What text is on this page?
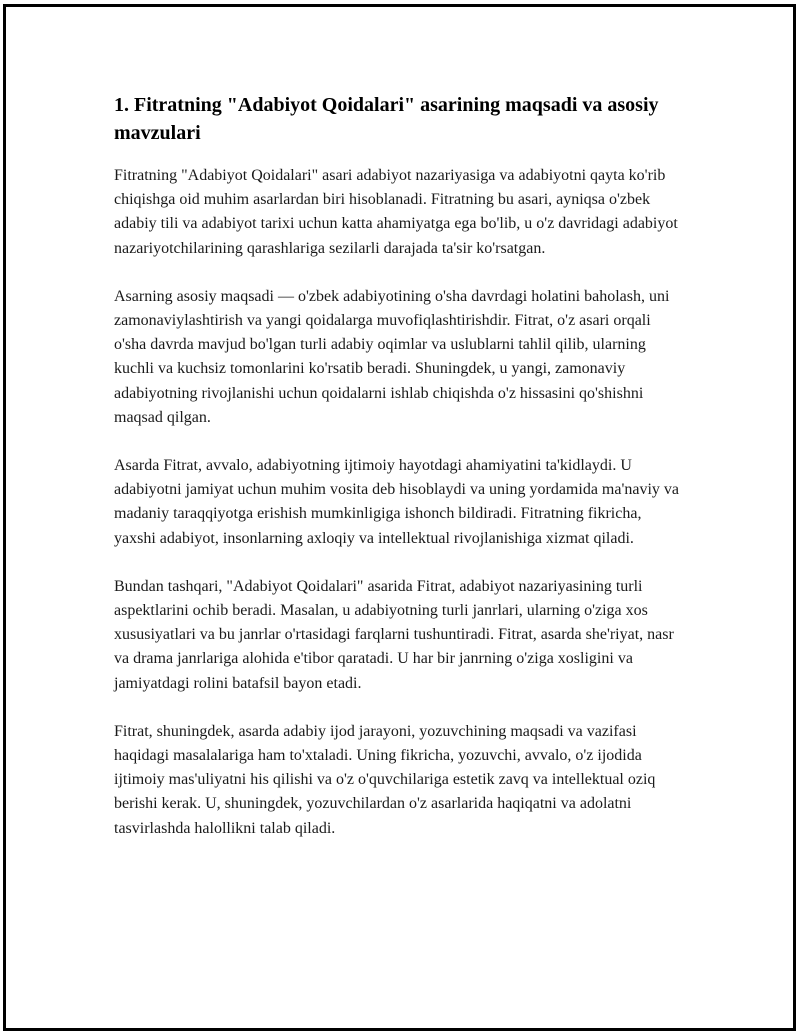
1. Fitratning "Adabiyot Qoidalari" asarining maqsadi va asosiy mavzulari

Fitratning "Adabiyot Qoidalari" asari adabiyot nazariyasiga va adabiyotni qayta ko'rib chiqishga oid muhim asarlardan biri hisoblanadi. Fitratning bu asari, ayniqsa o'zbek adabiy tili va adabiyot tarixi uchun katta ahamiyatga ega bo'lib, u o'z davridagi adabiyot nazariyotchilarining qarashlariga sezilarli darajada ta'sir ko'rsatgan.

Asarning asosiy maqsadi — o'zbek adabiyotining o'sha davrdagi holatini baholash, uni zamonaviylashtirish va yangi qoidalarga muvofiqlashtirishdir. Fitrat, o'z asari orqali o'sha davrda mavjud bo'lgan turli adabiy oqimlar va uslublarni tahlil qilib, ularning kuchli va kuchsiz tomonlarini ko'rsatib beradi. Shuningdek, u yangi, zamonaviy adabiyotning rivojlanishi uchun qoidalarni ishlab chiqishda o'z hissasini qo'shishni maqsad qilgan.

Asarda Fitrat, avvalo, adabiyotning ijtimoiy hayotdagi ahamiyatini ta'kidlaydi. U adabiyotni jamiyat uchun muhim vosita deb hisoblaydi va uning yordamida ma'naviy va madaniy taraqqiyotga erishish mumkinligiga ishonch bildiradi. Fitratning fikricha, yaxshi adabiyot, insonlarning axloqiy va intellektual rivojlanishiga xizmat qiladi.

Bundan tashqari, "Adabiyot Qoidalari" asarida Fitrat, adabiyot nazariyasining turli aspektlarini ochib beradi. Masalan, u adabiyotning turli janrlari, ularning o'ziga xos xususiyatlari va bu janrlar o'rtasidagi farqlarni tushuntiradi. Fitrat, asarda she'riyat, nasr va drama janrlariga alohida e'tibor qaratadi. U har bir janrning o'ziga xosligini va jamiyatdagi rolini batafsil bayon etadi.

Fitrat, shuningdek, asarda adabiy ijod jarayoni, yozuvchining maqsadi va vazifasi haqidagi masalalariga ham to'xtaladi. Uning fikricha, yozuvchi, avvalo, o'z ijodida ijtimoiy mas'uliyatni his qilishi va o'z o'quvchilariga estetik zavq va intellektual oziq berishi kerak. U, shuningdek, yozuvchilardan o'z asarlarida haqiqatni va adolatni tasvirlashda halollikni talab qiladi.
